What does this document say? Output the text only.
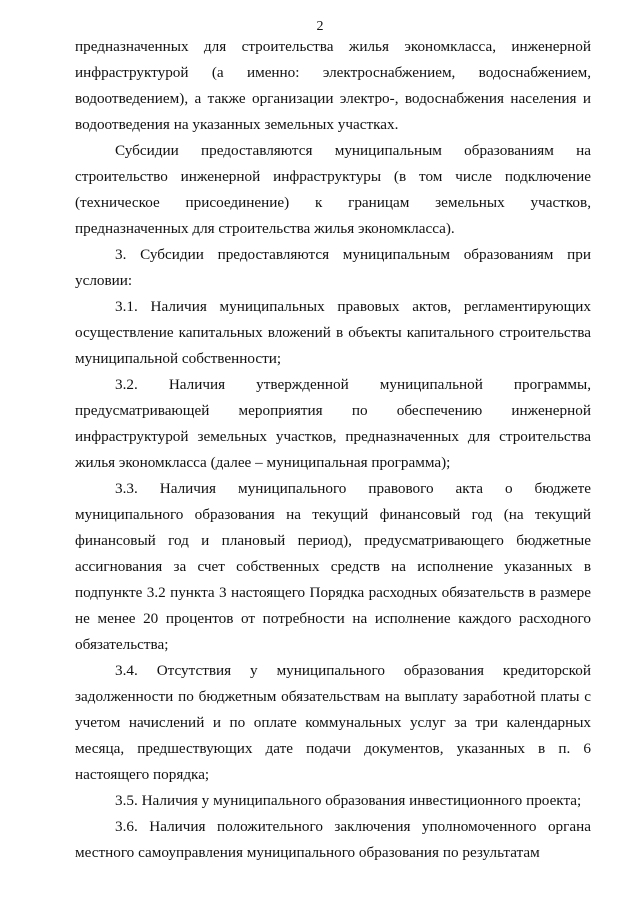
2

предназначенных для строительства жилья экономкласса, инженерной инфраструктурой (а именно: электроснабжением, водоснабжением, водоотведением), а также организации электро-, водоснабжения населения и водоотведения на указанных земельных участках.

Субсидии предоставляются муниципальным образованиям на строительство инженерной инфраструктуры (в том числе подключение (техническое присоединение) к границам земельных участков, предназначенных для строительства жилья экономкласса).

3. Субсидии предоставляются муниципальным образованиям при условии:

3.1. Наличия муниципальных правовых актов, регламентирующих осуществление капитальных вложений в объекты капитального строительства муниципальной собственности;

3.2. Наличия утвержденной муниципальной программы, предусматривающей мероприятия по обеспечению инженерной инфраструктурой земельных участков, предназначенных для строительства жилья экономкласса (далее – муниципальная программа);

3.3. Наличия муниципального правового акта о бюджете муниципального образования на текущий финансовый год (на текущий финансовый год и плановый период), предусматривающего бюджетные ассигнования за счет собственных средств на исполнение указанных в подпункте 3.2 пункта 3 настоящего Порядка расходных обязательств в размере не менее 20 процентов от потребности на исполнение каждого расходного обязательства;

3.4. Отсутствия у муниципального образования кредиторской задолженности по бюджетным обязательствам на выплату заработной платы с учетом начислений и по оплате коммунальных услуг за три календарных месяца, предшествующих дате подачи документов, указанных в п. 6 настоящего порядка;

3.5. Наличия у муниципального образования инвестиционного проекта;

3.6. Наличия положительного заключения уполномоченного органа местного самоуправления муниципального образования по результатам
